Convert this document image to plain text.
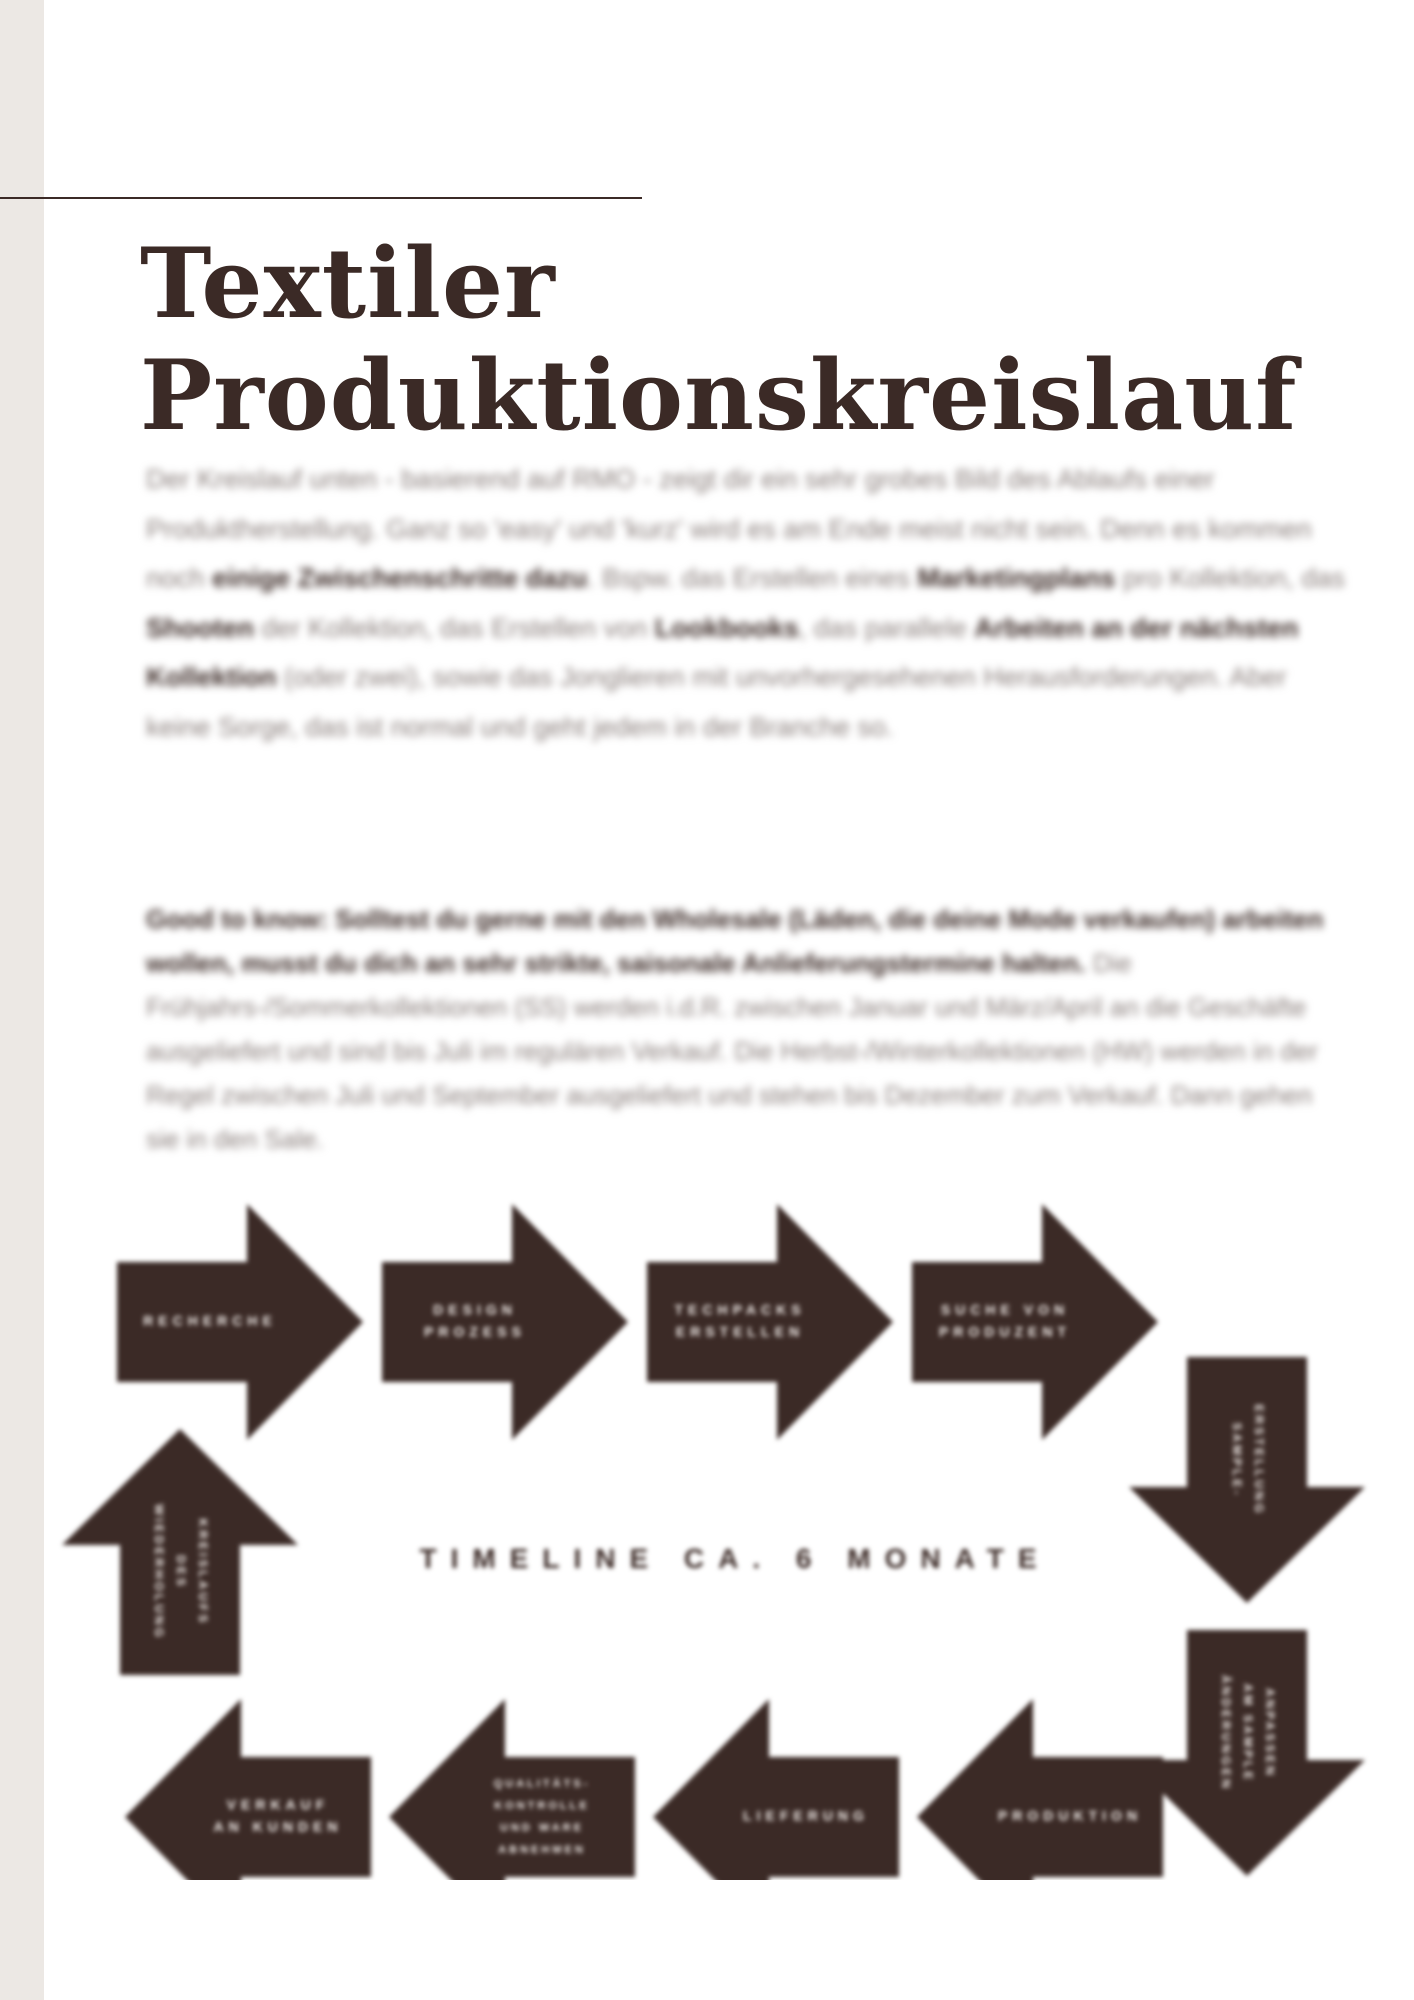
Textiler
Produktionskreislauf

Der Kreislauf unten - basierend auf RMO - zeigt dir ein sehr grobes Bild des Ablaufs einer Produktherstellung. Ganz so 'easy' und 'kurz' wird es am Ende meist nicht sein. Denn es kommen noch einige Zwischenschritte dazu. Bspw. das Erstellen eines Marketingplans pro Kollektion, das Shooten der Kollektion, das Erstellen von Lookbooks, das parallele Arbeiten an der nächsten Kollektion (oder zwei), sowie das Jonglieren mit unvorhergesehenen Herausforderungen. Aber keine Sorge, das ist normal und geht jedem in der Branche so.

Good to know: Solltest du gerne mit den Wholesale (Läden, die deine Mode verkaufen) arbeiten wollen, musst du dich an sehr strikte, saisonale Anlieferungstermine halten. Die Frühjahrs-/Sommerkollektionen (SS) werden i.d.R. zwischen Januar und März/April an die Geschäfte ausgeliefert und sind bis Juli im regulären Verkauf. Die Herbst-/Winterkollektionen (HW) werden in der Regel zwischen Juli und September ausgeliefert und stehen bis Dezember zum Verkauf. Dann gehen sie in den Sale.

RECHERCHE
DESIGN
PROZESS
TECHPACKS
ERSTELLEN
SUCHE VON
PRODUZENT
SAMPLE- ERSTELLUNG
ÄNDERUNGEN AM SAMPLE ANPASSEN
VERKAUF
AN KUNDEN
QUALITÄTS-
KONTROLLE
UND WARE
ABNEHMEN
LIEFERUNG	PRODUKTION
WIEDERHOLUNG DES KREISLAUFS	TIMELINE CA. 6 MONATE
